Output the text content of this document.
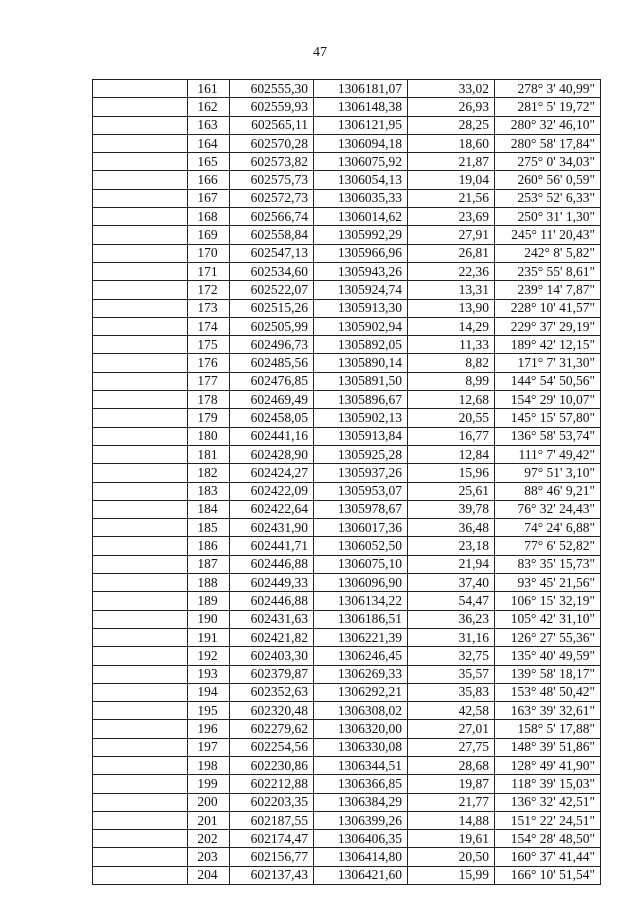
47
	161	602555,30	1306181,07	33,02	278° 3' 40,99"
	162	602559,93	1306148,38	26,93	281° 5' 19,72"
	163	602565,11	1306121,95	28,25	280° 32' 46,10"
	164	602570,28	1306094,18	18,60	280° 58' 17,84"
	165	602573,82	1306075,92	21,87	275° 0' 34,03"
	166	602575,73	1306054,13	19,04	260° 56' 0,59"
	167	602572,73	1306035,33	21,56	253° 52' 6,33"
	168	602566,74	1306014,62	23,69	250° 31' 1,30"
	169	602558,84	1305992,29	27,91	245° 11' 20,43"
	170	602547,13	1305966,96	26,81	242° 8' 5,82"
	171	602534,60	1305943,26	22,36	235° 55' 8,61"
	172	602522,07	1305924,74	13,31	239° 14' 7,87"
	173	602515,26	1305913,30	13,90	228° 10' 41,57"
	174	602505,99	1305902,94	14,29	229° 37' 29,19"
	175	602496,73	1305892,05	11,33	189° 42' 12,15"
	176	602485,56	1305890,14	8,82	171° 7' 31,30"
	177	602476,85	1305891,50	8,99	144° 54' 50,56"
	178	602469,49	1305896,67	12,68	154° 29' 10,07"
	179	602458,05	1305902,13	20,55	145° 15' 57,80"
	180	602441,16	1305913,84	16,77	136° 58' 53,74"
	181	602428,90	1305925,28	12,84	111° 7' 49,42"
	182	602424,27	1305937,26	15,96	97° 51' 3,10"
	183	602422,09	1305953,07	25,61	88° 46' 9,21"
	184	602422,64	1305978,67	39,78	76° 32' 24,43"
	185	602431,90	1306017,36	36,48	74° 24' 6,88"
	186	602441,71	1306052,50	23,18	77° 6' 52,82"
	187	602446,88	1306075,10	21,94	83° 35' 15,73"
	188	602449,33	1306096,90	37,40	93° 45' 21,56"
	189	602446,88	1306134,22	54,47	106° 15' 32,19"
	190	602431,63	1306186,51	36,23	105° 42' 31,10"
	191	602421,82	1306221,39	31,16	126° 27' 55,36"
	192	602403,30	1306246,45	32,75	135° 40' 49,59"
	193	602379,87	1306269,33	35,57	139° 58' 18,17"
	194	602352,63	1306292,21	35,83	153° 48' 50,42"
	195	602320,48	1306308,02	42,58	163° 39' 32,61"
	196	602279,62	1306320,00	27,01	158° 5' 17,88"
	197	602254,56	1306330,08	27,75	148° 39' 51,86"
	198	602230,86	1306344,51	28,68	128° 49' 41,90"
	199	602212,88	1306366,85	19,87	118° 39' 15,03"
	200	602203,35	1306384,29	21,77	136° 32' 42,51"
	201	602187,55	1306399,26	14,88	151° 22' 24,51"
	202	602174,47	1306406,35	19,61	154° 28' 48,50"
	203	602156,77	1306414,80	20,50	160° 37' 41,44"
	204	602137,43	1306421,60	15,99	166° 10' 51,54"
